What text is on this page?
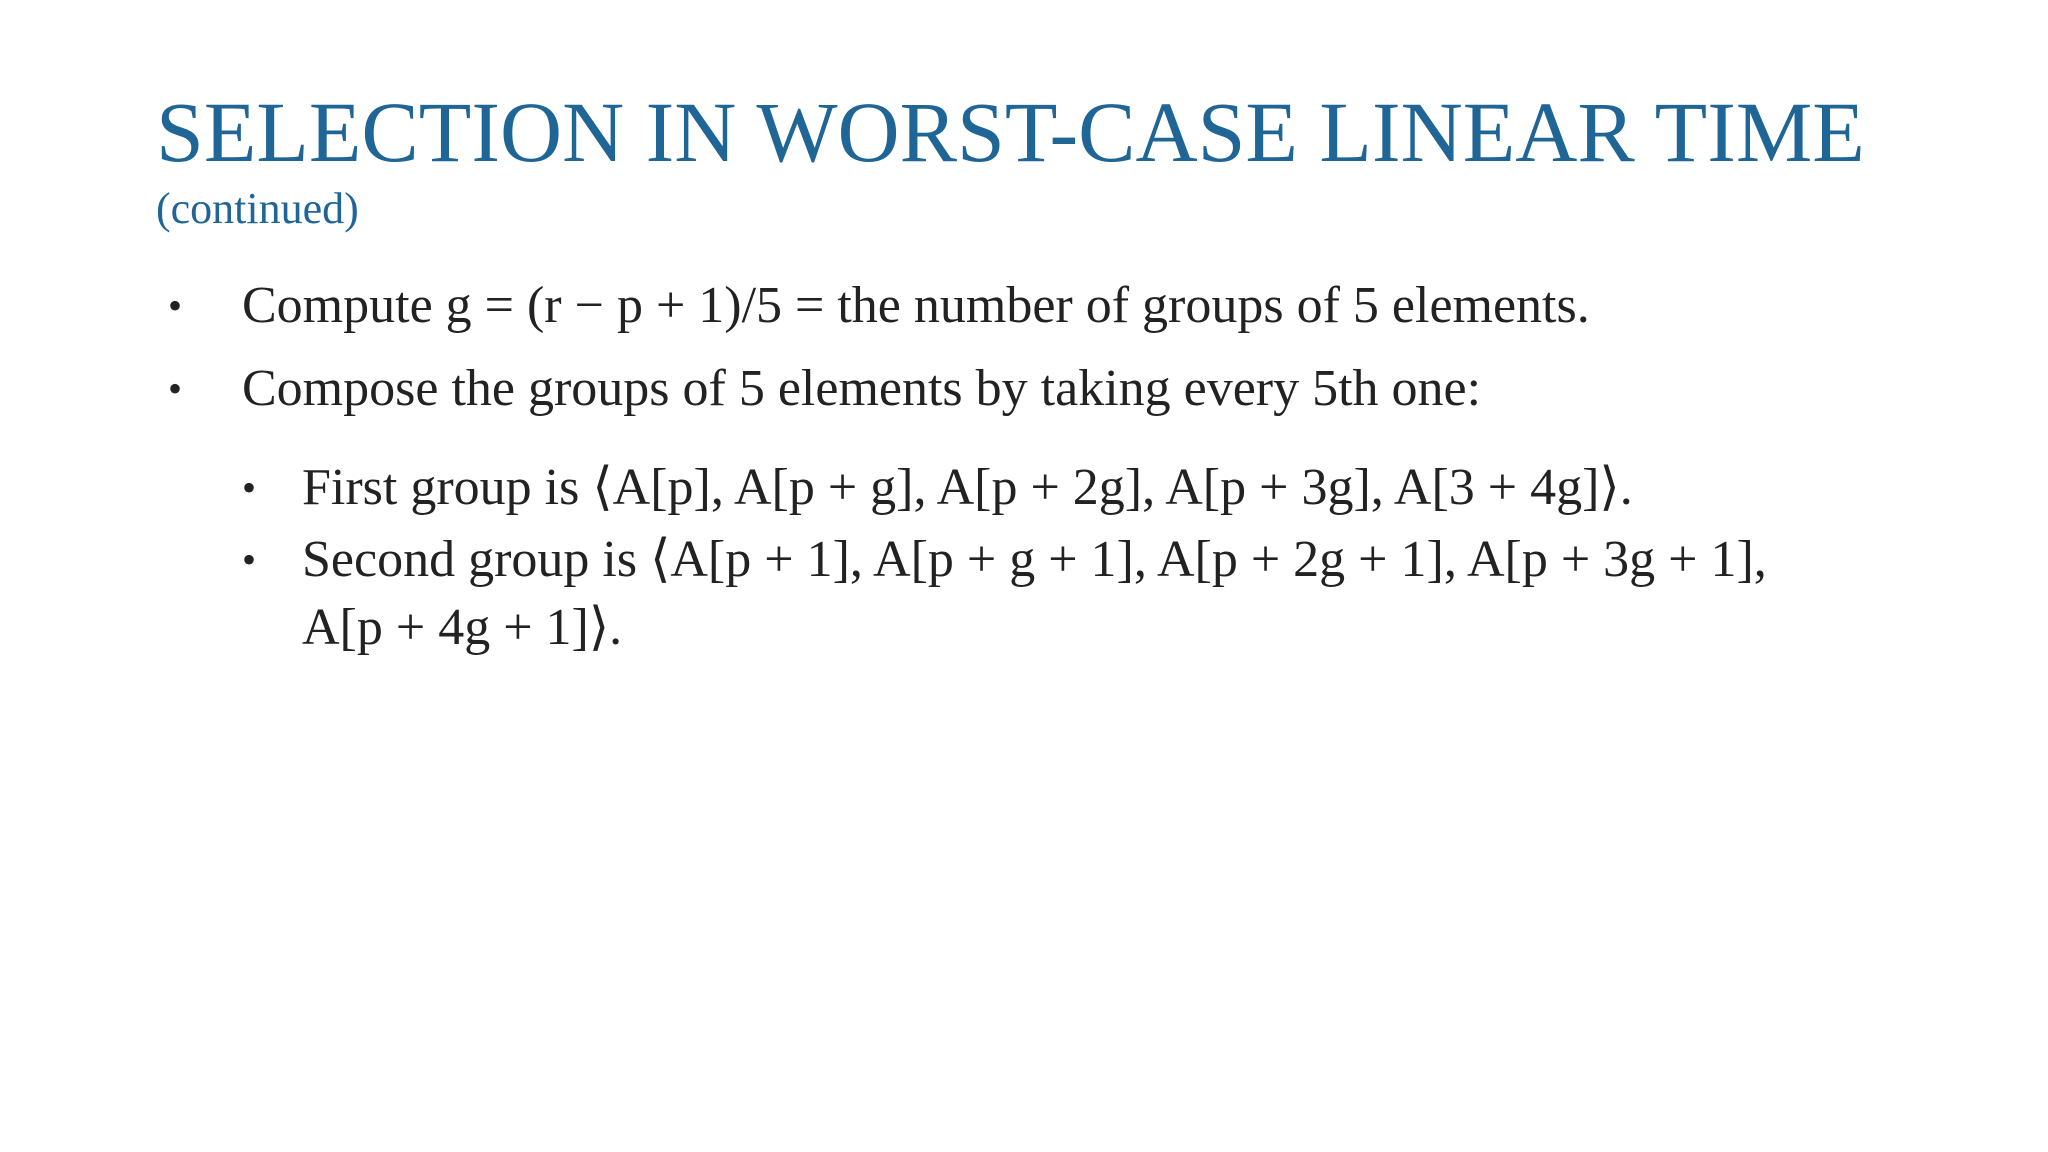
SELECTION IN WORST-CASE LINEAR TIME
(continued)
• Compute g = (r − p + 1)/5 = the number of groups of 5 elements.
• Compose the groups of 5 elements by taking every 5th one:
• First group is ⟨A[p], A[p + g], A[p + 2g], A[p + 3g], A[3 + 4g]⟩.
• Second group is ⟨A[p + 1], A[p + g + 1], A[p + 2g + 1], A[p + 3g + 1],
A[p + 4g + 1]⟩.
